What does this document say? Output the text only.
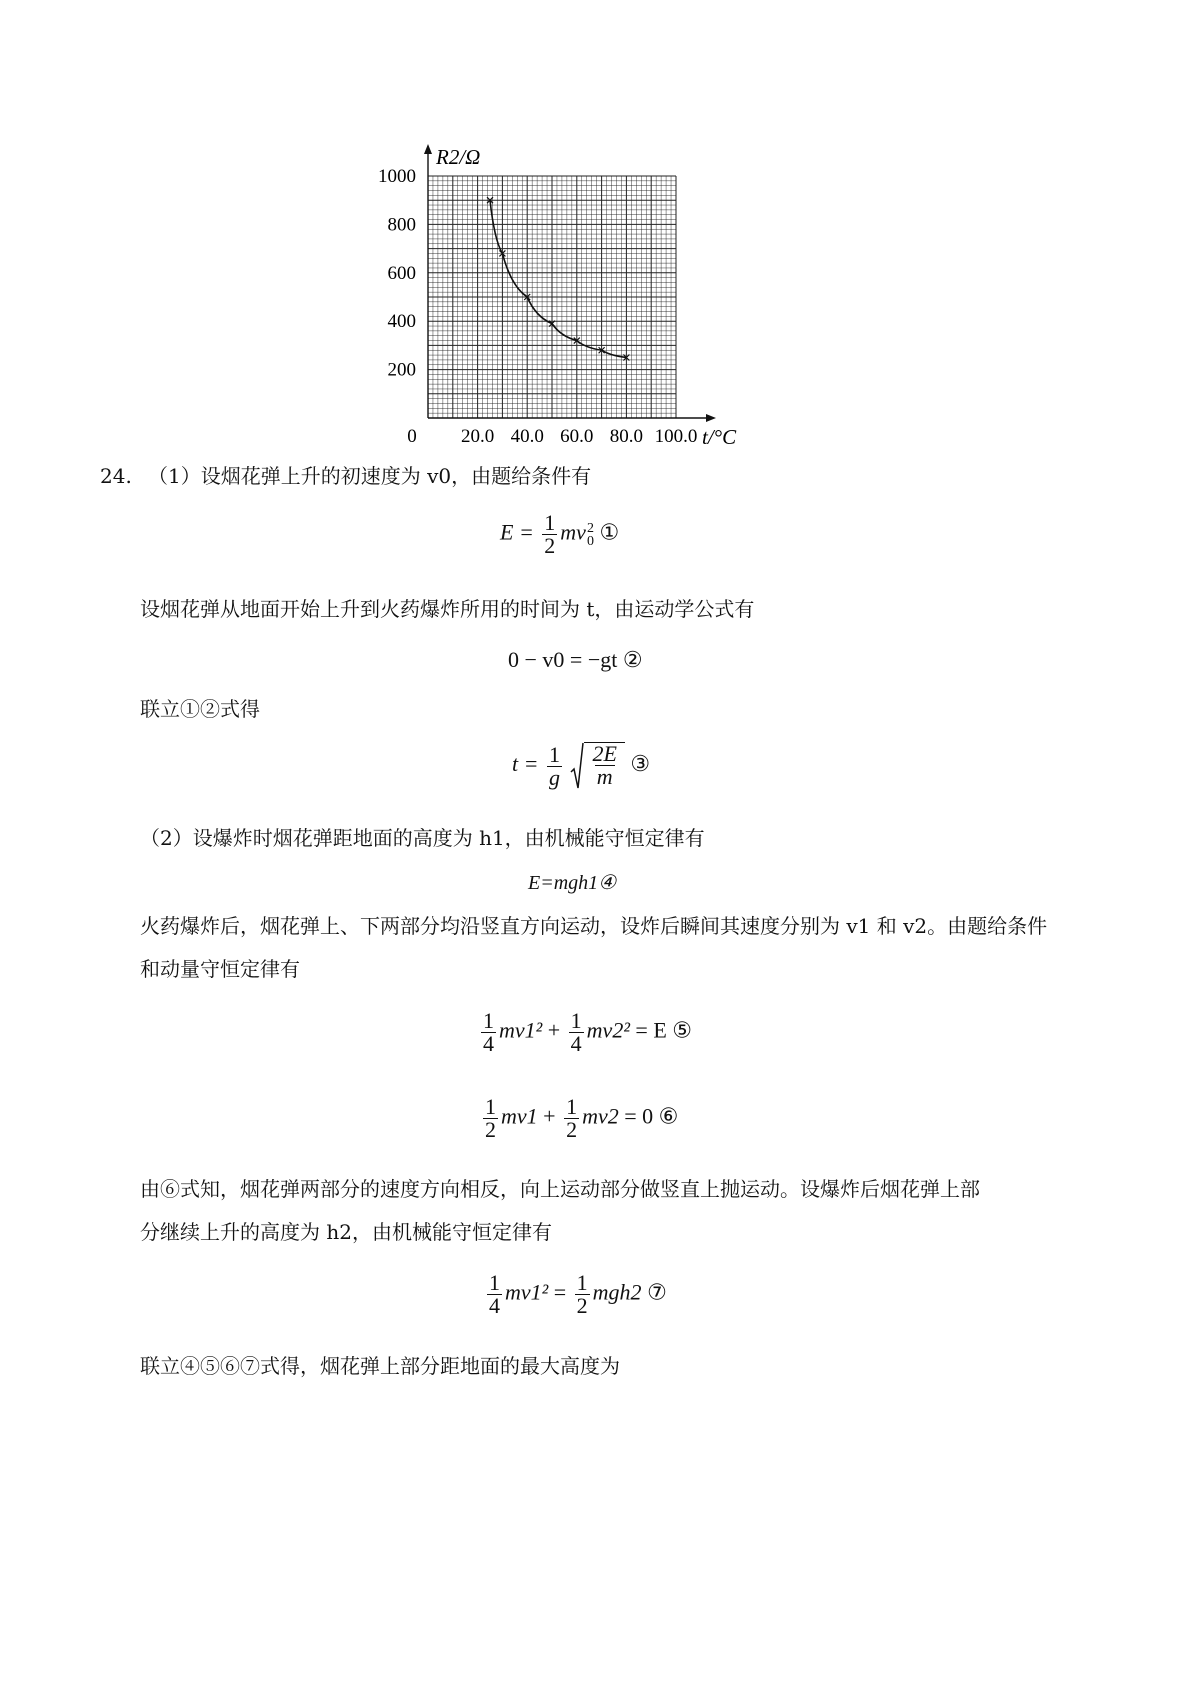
1000
800
600
400
200
20.0 40.0 60.0 80.0 100.0
0
R2/Ω
t/°C
24. （1）设烟花弹上升的初速度为 v0，由题给条件有
$E = \frac{1}{2}$ mv 2
0 ①
设烟花弹从地面开始上升到火药爆炸所用的时间为 t，由运动学公式有
0 − v0 = −gt ②
联立①②式得
$t = \frac{1}{g}$
$\frac{2E}{m}$ ③
（2）设爆炸时烟花弹距地面的高度为 h1，由机械能守恒定律有
E=mgh1④
火药爆炸后，烟花弹上、下两部分均沿竖直方向运动，设炸后瞬间其速度分别为 v1 和 v2。由题给条件
和动量守恒定律有
$\frac{1}{4} mv1^2 + \frac{1}{4} mv2^2 = E$ ⑤
$\frac{1}{2} mv1 + \frac{1}{2} mv2 = 0$ ⑥
由⑥式知，烟花弹两部分的速度方向相反，向上运动部分做竖直上抛运动。设爆炸后烟花弹上部
分继续上升的高度为 h2，由机械能守恒定律有
$\frac{1}{4} mv1^2 = \frac{1}{2} mgh2$ ⑦
联立④⑤⑥⑦式得，烟花弹上部分距地面的最大高度为
